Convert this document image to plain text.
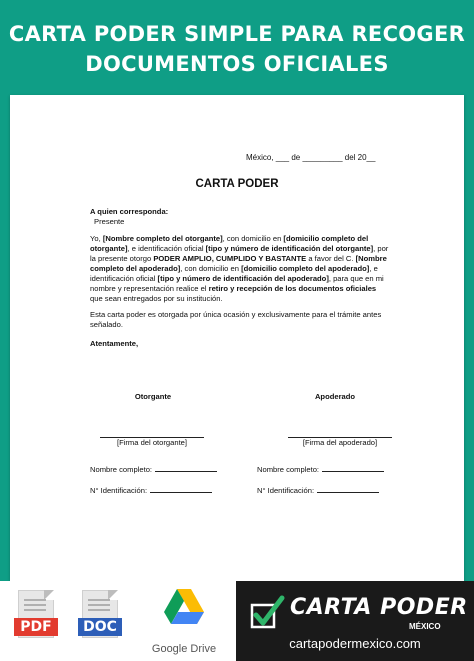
CARTA PODER SIMPLE PARA RECOGER
DOCUMENTOS OFICIALES
México, ___ de _________ del 20__
CARTA PODER
A quien corresponda:
Presente
Yo, [Nombre completo del otorgante], con domicilio en [domicilio completo del otorgante], e identificación oficial [tipo y número de identificación del otorgante], por la presente otorgo PODER AMPLIO, CUMPLIDO Y BASTANTE a favor del C. [Nombre completo del apoderado], con domicilio en [domicilio completo del apoderado], e identificación oficial [tipo y número de identificación del apoderado], para que en mi nombre y representación realice el retiro y recepción de los documentos oficiales que sean entregados por su institución.
Esta carta poder es otorgada por única ocasión y exclusivamente para el trámite antes señalado.
Atentamente,
Otorgante	Apoderado
[Firma del otorgante]	[Firma del apoderado]
Nombre completo:	Nombre completo:
N° Identificación:	N° Identificación:
PDF	DOC
Google Drive
CARTA PODER
MÉXICO
cartapodermexico.com
